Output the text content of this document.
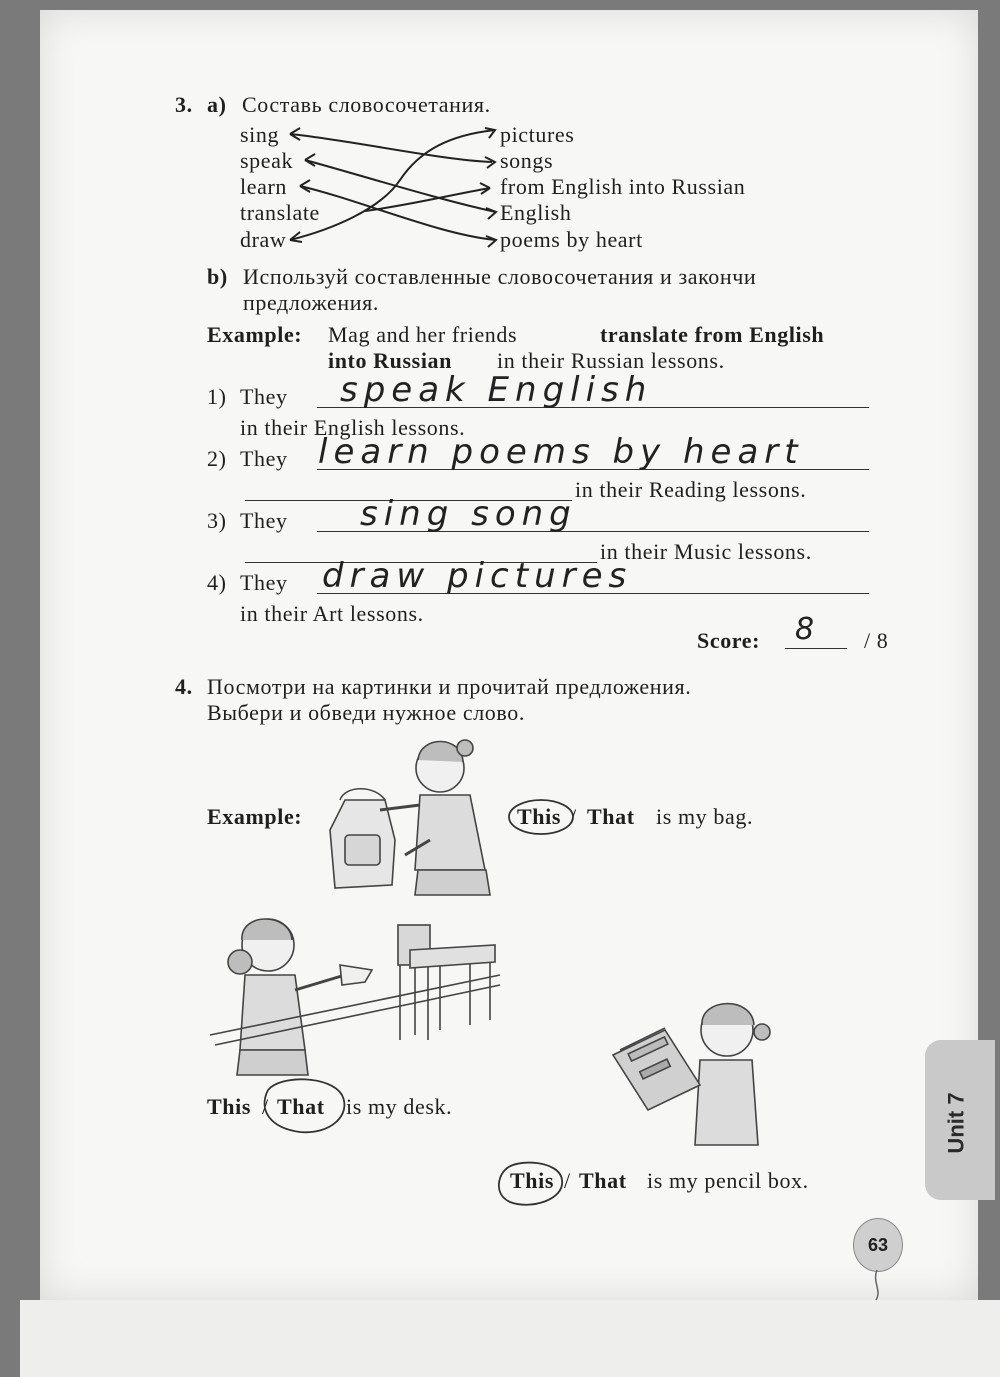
3. a) Составь словосочетания.
sing
speak
learn
translate
draw
pictures
songs
from English into Russian
English
poems by heart
b) Используй составленные словосочетания и закончи
предложения.
Example: Mag and her friends	translate from English
into Russian in their Russian lessons.
1) They speak English
in their English lessons.
2) They learn poems by heart
in their Reading lessons.
3) They sing song
in their Music lessons.
4) They draw pictures
in their Art lessons.
Score: 8 / 8
4. Посмотри на картинки и прочитай предложения.
Выбери и обведи нужное слово.
Example:	This / That is my bag.
This / That is my desk.
This / That is my pencil box.
Unit 7
63
